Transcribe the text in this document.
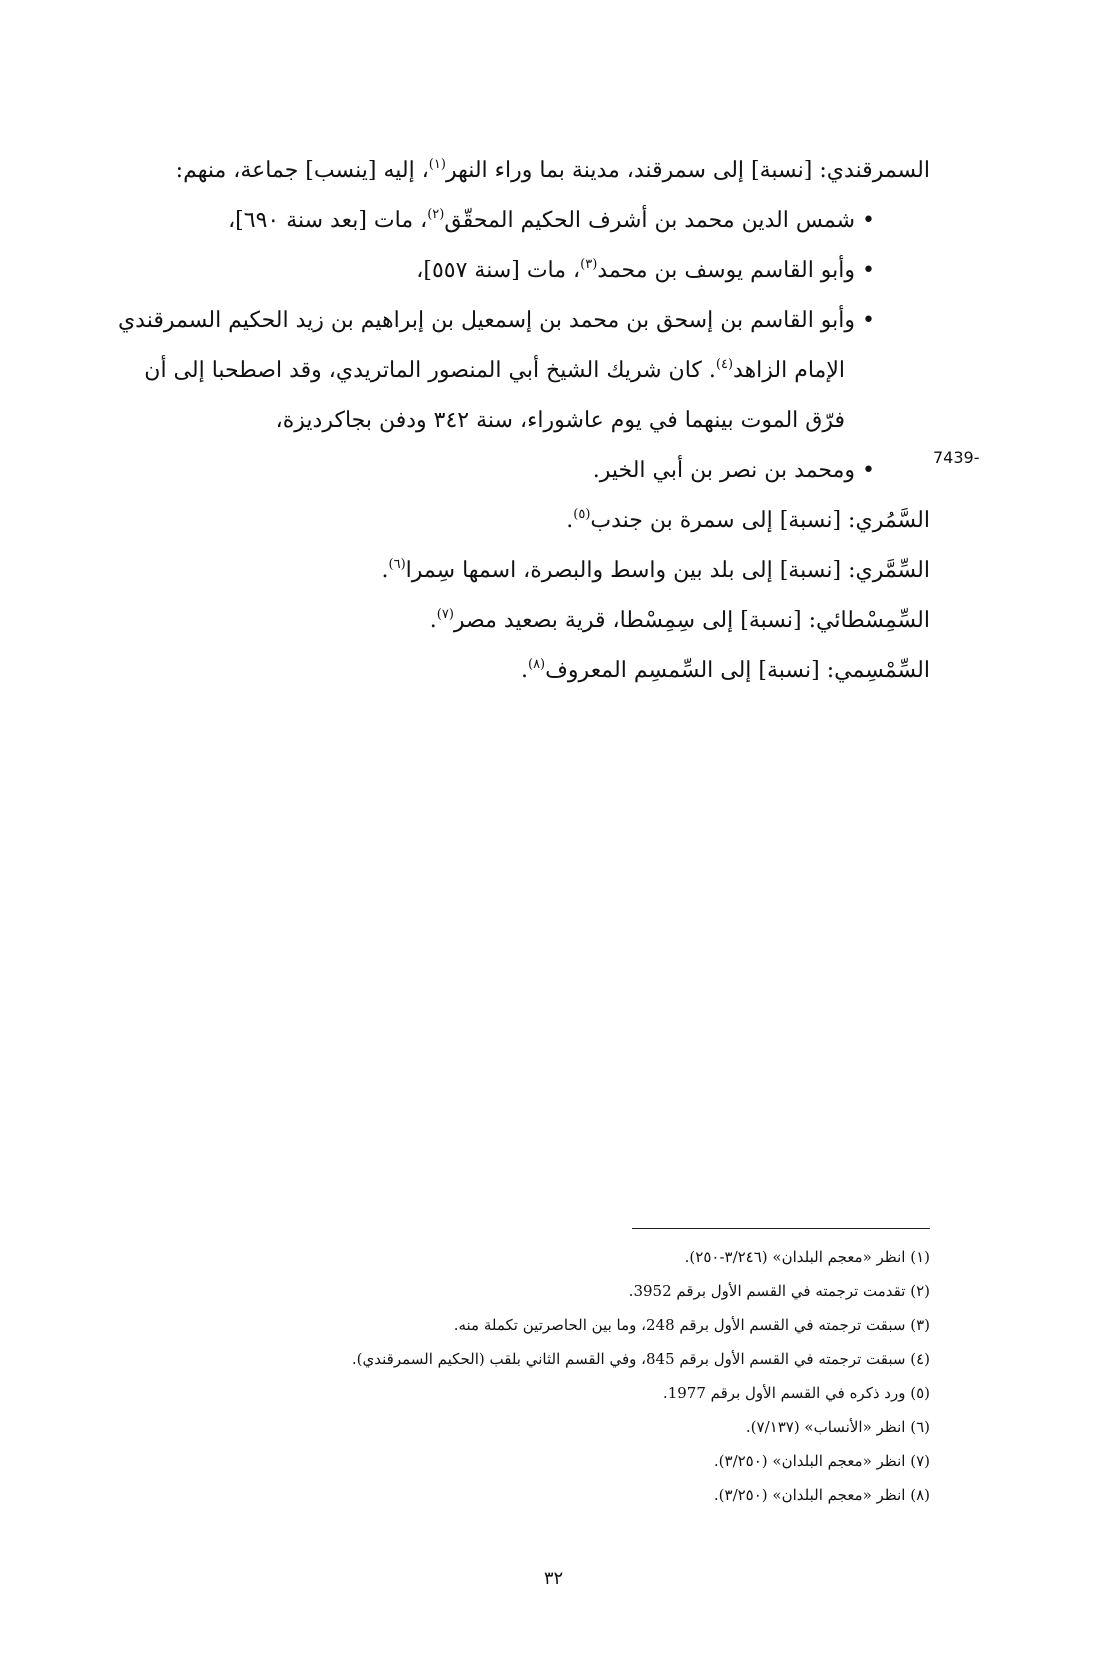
السمرقندي: [نسبة] إلى سمرقند، مدينة بما وراء النهر$^{(١)}$، إليه [ينسب] جماعة، منهم:
• شمس الدين محمد بن أشرف الحكيم المحقّق$^{(٢)}$، مات [بعد سنة ٦٩٠]،
• وأبو القاسم يوسف بن محمد$^{(٣)}$، مات [سنة ٥٥٧]،
• وأبو القاسم بن إسحق بن محمد بن إسمعيل بن إبراهيم بن زيد الحكيم السمرقندي
الإمام الزاهد$^{(٤)}$. كان شريك الشيخ أبي المنصور الماتريدي، وقد اصطحبا إلى أن
فرّق الموت بينهما في يوم عاشوراء، سنة ٣٤٢ ودفن بجاكرديزة،
• ومحمد بن نصر بن أبي الخير.
السَّمُري: [نسبة] إلى سمرة بن جندب$^{(٥)}$.
السِّمَّري: [نسبة] إلى بلد بين واسط والبصرة، اسمها سِمرا$^{(٦)}$.
السِّمِسْطائي: [نسبة] إلى سِمِسْطا، قرية بصعيد مصر$^{(٧)}$.
السِّمْسِمي: [نسبة] إلى السِّمسِم المعروف$^{(٨)}$.
7439-
(١) انظر «معجم البلدان» (٣/٢٤٦-٢٥٠).
(٢) تقدمت ترجمته في القسم الأول برقم 3952.
(٣) سبقت ترجمته في القسم الأول برقم 248، وما بين الحاصرتين تكملة منه.
(٤) سبقت ترجمته في القسم الأول برقم 845، وفي القسم الثاني بلقب (الحكيم السمرقندي).
(٥) ورد ذكره في القسم الأول برقم 1977.
(٦) انظر «الأنساب» (٧/١٣٧).
(٧) انظر «معجم البلدان» (٣/٢٥٠).
(٨) انظر «معجم البلدان» (٣/٢٥٠).
٣٢
